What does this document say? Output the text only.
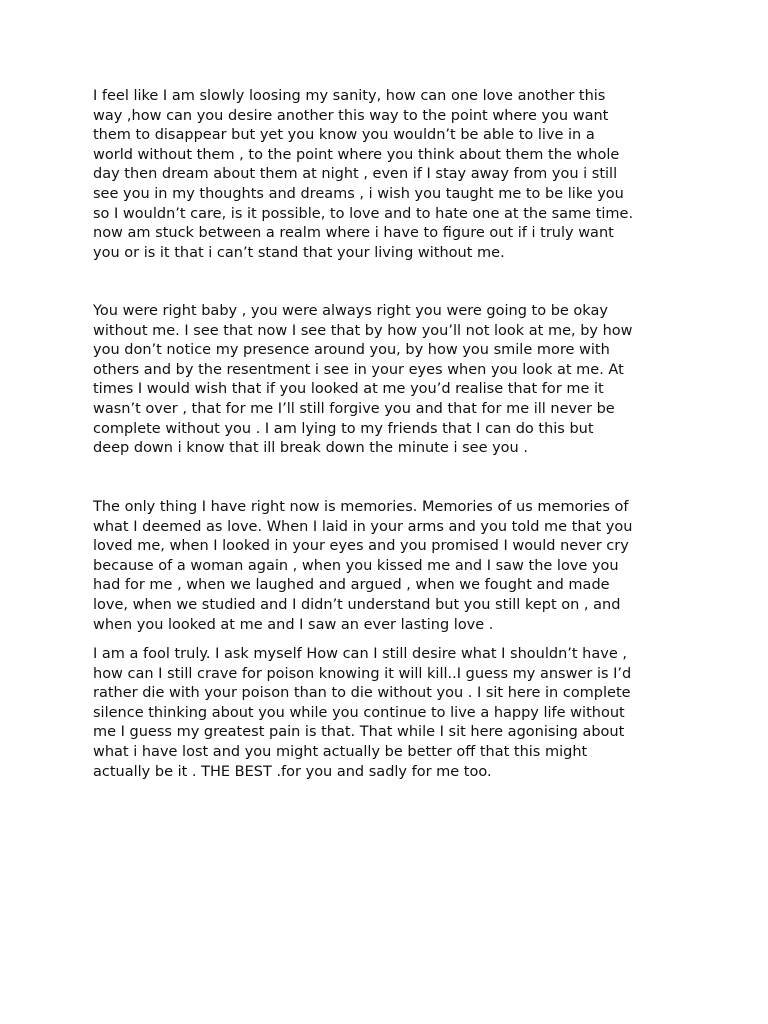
I feel like I am slowly loosing my sanity, how can one love another this
way ,how can you desire another this way to the point where you want
them to disappear but yet you know you wouldn’t be able to live in a
world without them , to the point where you think about them the whole
day then dream about them at night , even if I stay away from you i still
see you in my thoughts and dreams , i wish you taught me to be like you
so I wouldn’t care, is it possible, to love and to hate one at the same time.
now am stuck between a realm where i have to figure out if i truly want
you or is it that i can’t stand that your living without me.

You were right baby , you were always right you were going to be okay
without me. I see that now I see that by how you’ll not look at me, by how
you don’t notice my presence around you, by how you smile more with
others and by the resentment i see in your eyes when you look at me. At
times I would wish that if you looked at me you’d realise that for me it
wasn’t over , that for me I’ll still forgive you and that for me ill never be
complete without you . I am lying to my friends that I can do this but
deep down i know that ill break down the minute i see you .

The only thing I have right now is memories. Memories of us memories of
what I deemed as love. When I laid in your arms and you told me that you
loved me, when I looked in your eyes and you promised I would never cry
because of a woman again , when you kissed me and I saw the love you
had for me , when we laughed and argued , when we fought and made
love, when we studied and I didn’t understand but you still kept on , and
when you looked at me and I saw an ever lasting love .

I am a fool truly. I ask myself How can I still desire what I shouldn’t have ,
how can I still crave for poison knowing it will kill..I guess my answer is I’d
rather die with your poison than to die without you . I sit here in complete
silence thinking about you while you continue to live a happy life without
me I guess my greatest pain is that. That while I sit here agonising about
what i have lost and you might actually be better off that this might
actually be it . THE BEST .for you and sadly for me too.
